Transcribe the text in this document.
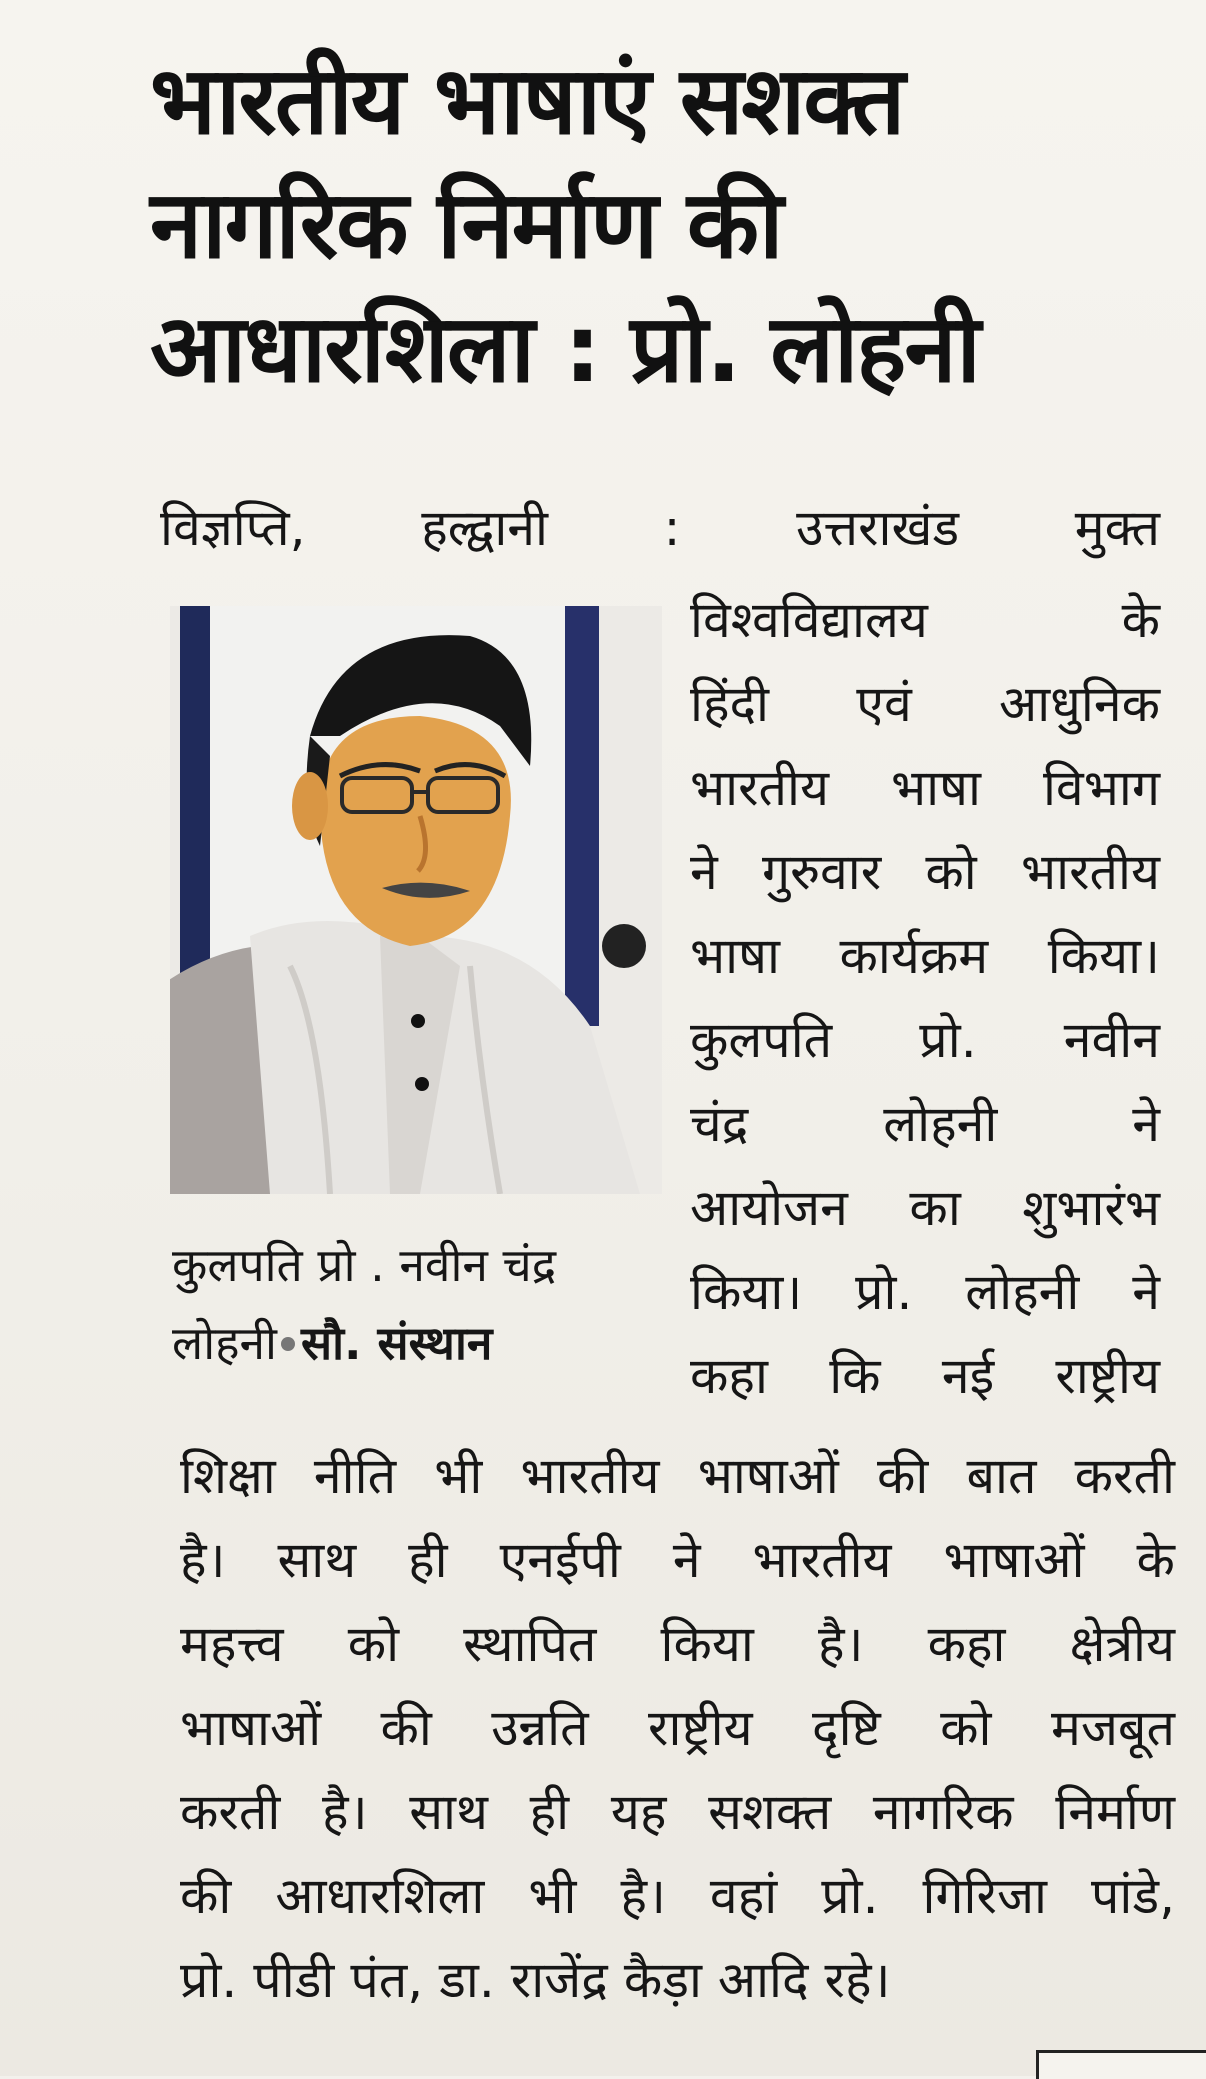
भारतीय भाषाएं सशक्त
नागरिक निर्माण की
आधारशिला : प्रो. लोहनी
विज्ञप्ति, हल्द्वानी : उत्तराखंड मुक्त
कुलपति प्रो . नवीन चंद्र
लोहनी सौ. संस्थान
विश्वविद्यालय	के
हिंदी एवं आधुनिक
भारतीय भाषा विभाग
ने गुरुवार को भारतीय
भाषा कार्यक्रम किया।
कुलपति प्रो. नवीन
चंद्र	लोहनी	ने
आयोजन का शुभारंभ
किया। प्रो. लोहनी ने
कहा कि नई राष्ट्रीय
शिक्षा नीति भी भारतीय भाषाओं की बात करती
है। साथ ही एनईपी ने भारतीय भाषाओं के
महत्त्व को स्थापित किया है। कहा क्षेत्रीय
भाषाओं की उन्नति राष्ट्रीय दृष्टि को मजबूत
करती है। साथ ही यह सशक्त नागरिक निर्माण
की आधारशिला भी है। वहां प्रो. गिरिजा पांडे,
प्रो. पीडी पंत, डा. राजेंद्र कैड़ा आदि रहे।
